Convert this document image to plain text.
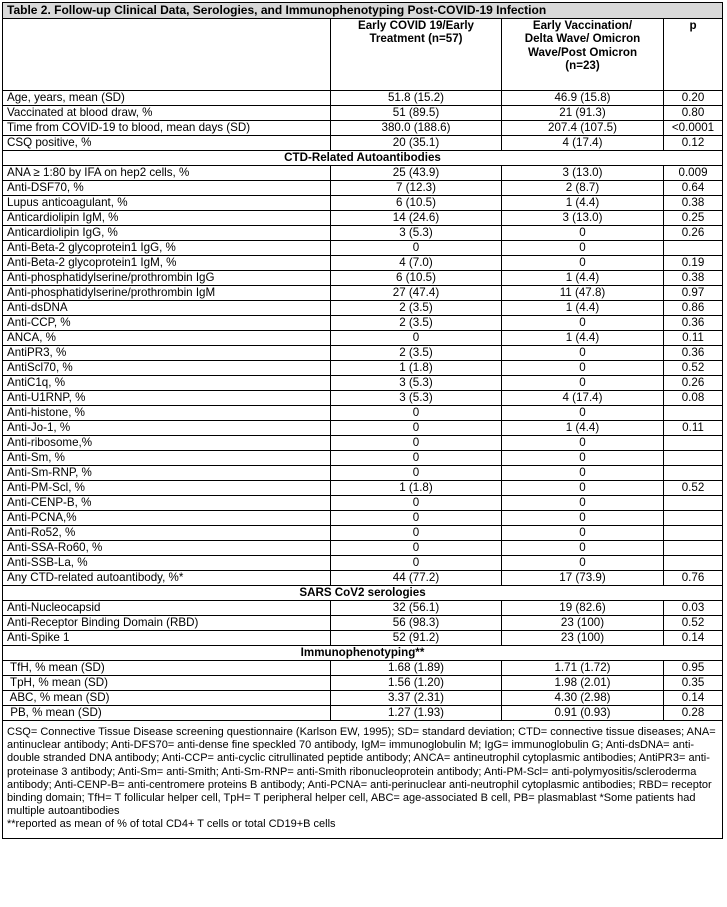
Table 2. Follow-up Clinical Data, Serologies, and Immunophenotyping Post-COVID-19 Infection			
	Early COVID 19/Early
Treatment (n=57)	Early Vaccination/
Delta Wave/ Omicron
Wave/Post Omicron
(n=23)	p
Age, years, mean (SD)	51.8 (15.2)	46.9 (15.8)	0.20
Vaccinated at blood draw, %	51 (89.5)	21 (91.3)	0.80
Time from COVID-19 to blood, mean days (SD)	380.0 (188.6)	207.4 (107.5)	<0.0001
CSQ positive, %	20 (35.1)	4 (17.4)	0.12
CTD-Related Autoantibodies			
ANA ≥ 1:80 by IFA on hep2 cells, %	25 (43.9)	3 (13.0)	0.009
Anti-DSF70, %	7 (12.3)	2 (8.7)	0.64
Lupus anticoagulant, %	6 (10.5)	1 (4.4)	0.38
Anticardiolipin IgM, %	14 (24.6)	3 (13.0)	0.25
Anticardiolipin IgG, %	3 (5.3)	0	0.26
Anti-Beta-2 glycoprotein1 IgG, %	0	0	
Anti-Beta-2 glycoprotein1 IgM, %	4 (7.0)	0	0.19
Anti-phosphatidylserine/prothrombin IgG	6 (10.5)	1 (4.4)	0.38
Anti-phosphatidylserine/prothrombin IgM	27 (47.4)	11 (47.8)	0.97
Anti-dsDNA	2 (3.5)	1 (4.4)	0.86
Anti-CCP, %	2 (3.5)	0	0.36
ANCA, %	0	1 (4.4)	0.11
AntiPR3, %	2 (3.5)	0	0.36
AntiScl70, %	1 (1.8)	0	0.52
AntiC1q, %	3 (5.3)	0	0.26
Anti-U1RNP, %	3 (5.3)	4 (17.4)	0.08
Anti-histone, %	0	0	
Anti-Jo-1, %	0	1 (4.4)	0.11
Anti-ribosome,%	0	0	
Anti-Sm, %	0	0	
Anti-Sm-RNP, %	0	0	
Anti-PM-Scl, %	1 (1.8)	0	0.52
Anti-CENP-B, %	0	0	
Anti-PCNA,%	0	0	
Anti-Ro52, %	0	0	
Anti-SSA-Ro60, %	0	0	
Anti-SSB-La, %	0	0	
Any CTD-related autoantibody, %*	44 (77.2)	17 (73.9)	0.76
SARS CoV2 serologies			
Anti-Nucleocapsid	32 (56.1)	19 (82.6)	0.03
Anti-Receptor Binding Domain (RBD)	56 (98.3)	23 (100)	0.52
Anti-Spike 1	52 (91.2)	23 (100)	0.14
Immunophenotyping**			
TfH, % mean (SD)	1.68 (1.89)	1.71 (1.72)	0.95
TpH, % mean (SD)	1.56 (1.20)	1.98 (2.01)	0.35
ABC, % mean (SD)	3.37 (2.31)	4.30 (2.98)	0.14
PB, % mean (SD)	1.27 (1.93)	0.91 (0.93)	0.28

CSQ= Connective Tissue Disease screening questionnaire (Karlson EW, 1995); SD= standard deviation; CTD= connective tissue diseases; ANA= antinuclear antibody; Anti-DFS70= anti-dense fine speckled 70 antibody, IgM= immunoglobulin M; IgG= immunoglobulin G; Anti-dsDNA= anti-double stranded DNA antibody; Anti-CCP= anti-cyclic citrullinated peptide antibody; ANCA= antineutrophil cytoplasmic antibodies; AntiPR3= anti-proteinase 3 antibody; Anti-Sm= anti-Smith; Anti-Sm-RNP= anti-Smith ribonucleoprotein antibody; Anti-PM-Scl= anti-polymyositis/scleroderma antibody; Anti-CENP-B= anti-centromere proteins B antibody; Anti-PCNA= anti-perinuclear anti-neutrophil cytoplasmic antibodies; RBD= receptor binding domain; TfH= T follicular helper cell, TpH= T peripheral helper cell, ABC= age-associated B cell, PB= plasmablast *Some patients had multiple autoantibodies
**reported as mean of % of total CD4+ T cells or total CD19+B cells			
